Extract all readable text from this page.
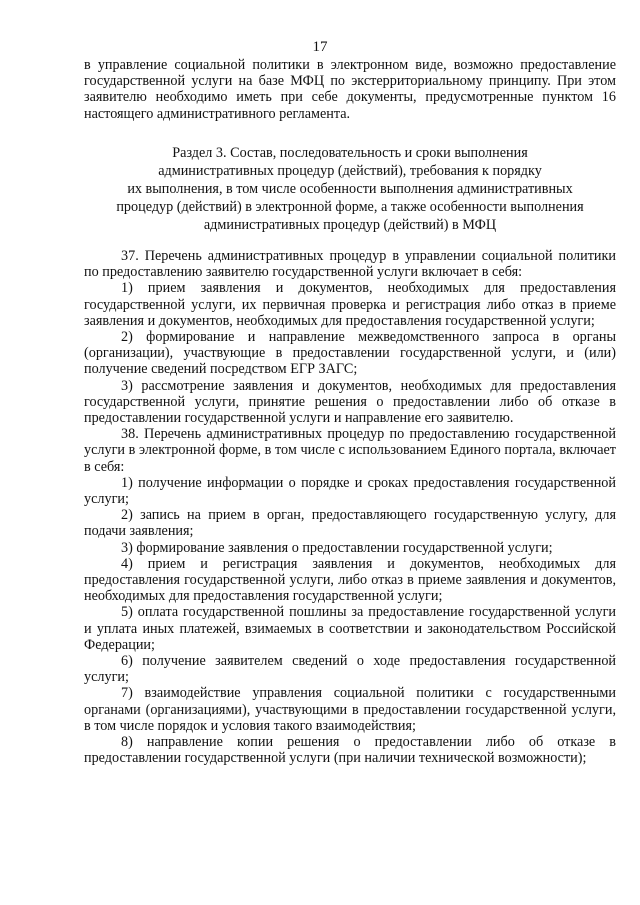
17

в управление социальной политики в электронном виде, возможно предоставление государственной услуги на базе МФЦ по экстерриториальному принципу. При этом заявителю необходимо иметь при себе документы, предусмотренные пунктом 16 настоящего административного регламента.

Раздел 3. Состав, последовательность и сроки выполнения
административных процедур (действий), требования к порядку
их выполнения, в том числе особенности выполнения административных
процедур (действий) в электронной форме, а также особенности выполнения
административных процедур (действий) в МФЦ

37. Перечень административных процедур в управлении социальной политики по предоставлению заявителю государственной услуги включает в себя:

1) прием заявления и документов, необходимых для предоставления государственной услуги, их первичная проверка и регистрация либо отказ в приеме заявления и документов, необходимых для предоставления государственной услуги;

2) формирование и направление межведомственного запроса в органы (организации), участвующие в предоставлении государственной услуги, и (или) получение сведений посредством ЕГР ЗАГС;

3) рассмотрение заявления и документов, необходимых для предоставления государственной услуги, принятие решения о предоставлении либо об отказе в предоставлении государственной услуги и направление его заявителю.

38. Перечень административных процедур по предоставлению государственной услуги в электронной форме, в том числе с использованием Единого портала, включает в себя:

1) получение информации о порядке и сроках предоставления государственной услуги;

2) запись на прием в орган, предоставляющего государственную услугу, для подачи заявления;

3) формирование заявления о предоставлении государственной услуги;

4) прием и регистрация заявления и документов, необходимых для предоставления государственной услуги, либо отказ в приеме заявления и документов, необходимых для предоставления государственной услуги;

5) оплата государственной пошлины за предоставление государственной услуги и уплата иных платежей, взимаемых в соответствии и законодательством Российской Федерации;

6) получение заявителем сведений о ходе предоставления государственной услуги;

7) взаимодействие управления социальной политики с государственными органами (организациями), участвующими в предоставлении государственной услуги, в том числе порядок и условия такого взаимодействия;

8) направление копии решения о предоставлении либо об отказе в предоставлении государственной услуги (при наличии технической возможности);
